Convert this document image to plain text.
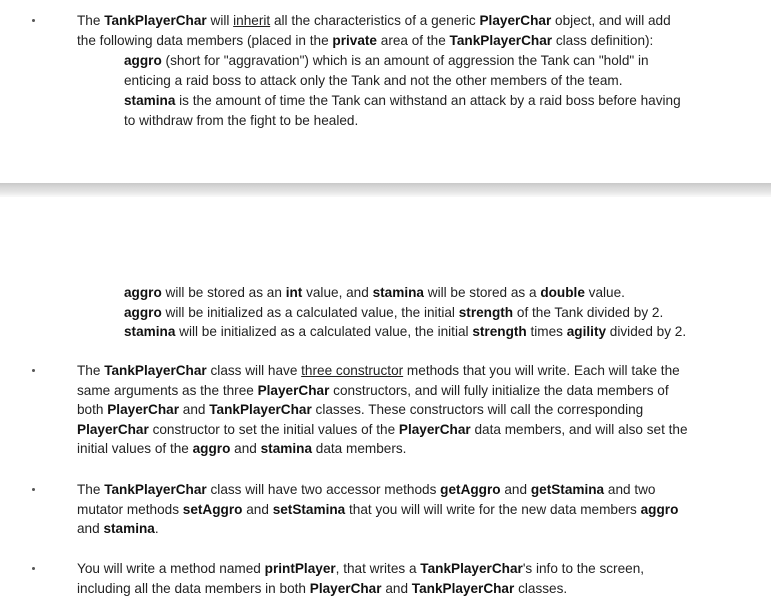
The TankPlayerChar will inherit all the characteristics of a generic PlayerChar object, and will add

the following data members (placed in the private area of the TankPlayerChar class definition):

aggro (short for "aggravation") which is an amount of aggression the Tank can "hold" in

enticing a raid boss to attack only the Tank and not the other members of the team.

stamina is the amount of time the Tank can withstand an attack by a raid boss before having

to withdraw from the fight to be healed.

aggro will be stored as an int value, and stamina will be stored as a double value.

aggro will be initialized as a calculated value, the initial strength of the Tank divided by 2.

stamina will be initialized as a calculated value, the initial strength times agility divided by 2.

The TankPlayerChar class will have three constructor methods that you will write. Each will take the

same arguments as the three PlayerChar constructors, and will fully initialize the data members of

both PlayerChar and TankPlayerChar classes. These constructors will call the corresponding

PlayerChar constructor to set the initial values of the PlayerChar data members, and will also set the

initial values of the aggro and stamina data members.

The TankPlayerChar class will have two accessor methods getAggro and getStamina and two

mutator methods setAggro and setStamina that you will will write for the new data members aggro

and stamina.

You will write a method named printPlayer, that writes a TankPlayerChar's info to the screen,

including all the data members in both PlayerChar and TankPlayerChar classes.
